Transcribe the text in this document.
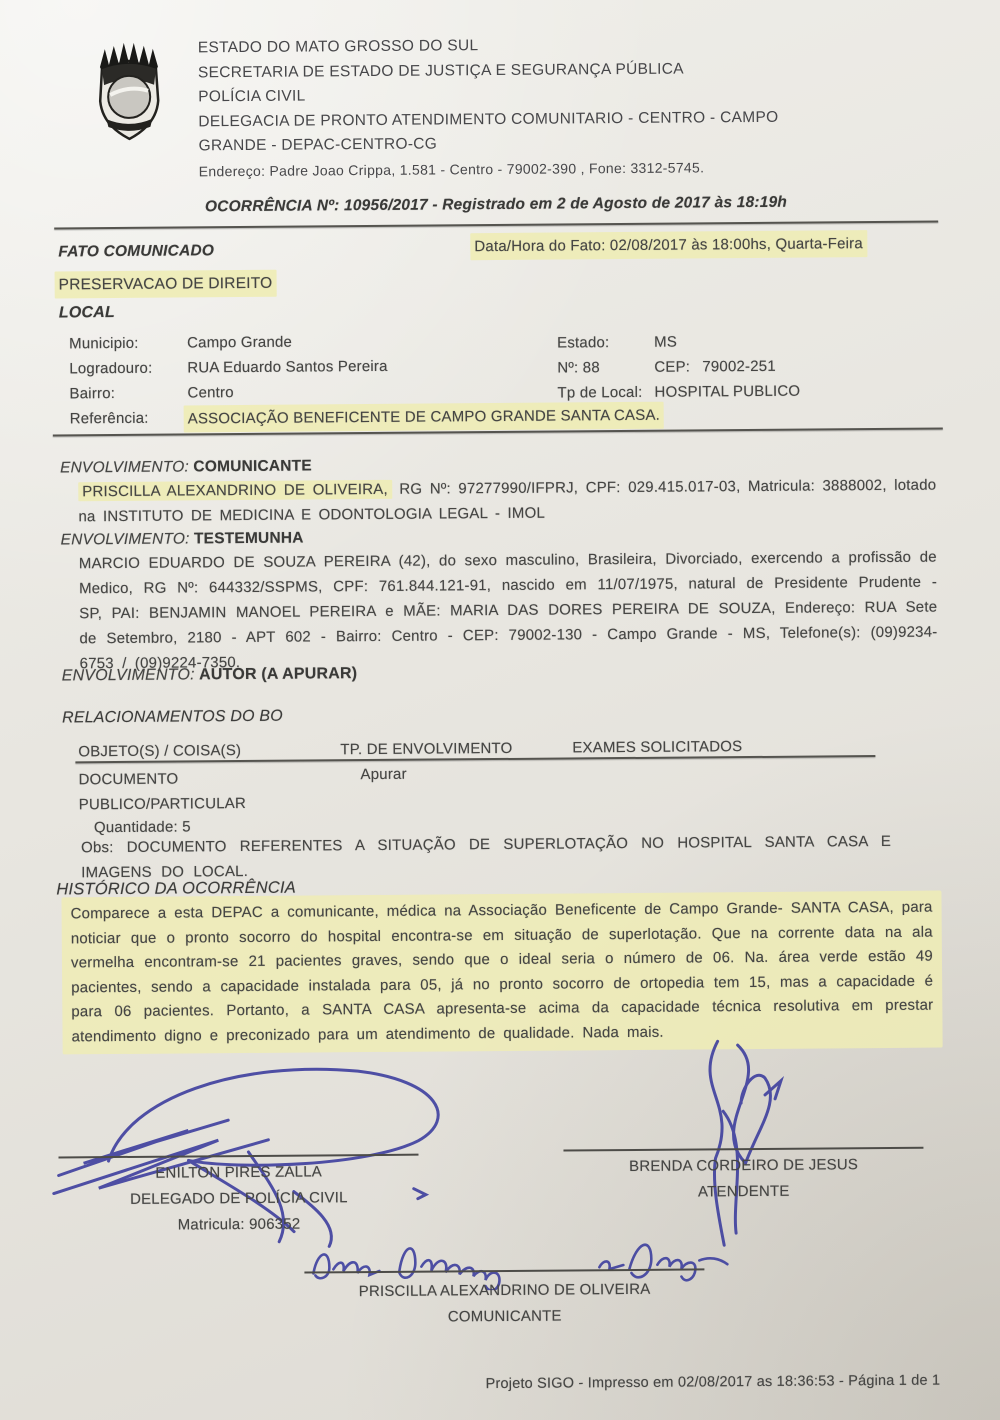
ESTADO DO MATO GROSSO DO SUL
SECRETARIA DE ESTADO DE JUSTIÇA E SEGURANÇA PÚBLICA
POLÍCIA CIVIL
DELEGACIA DE PRONTO ATENDIMENTO COMUNITARIO - CENTRO - CAMPO
GRANDE - DEPAC-CENTRO-CG
Endereço: Padre Joao Crippa, 1.581 - Centro - 79002-390 , Fone: 3312-5745.
OCORRÊNCIA Nº: 10956/2017 - Registrado em 2 de Agosto de 2017 às 18:19h
FATO COMUNICADO	Data/Hora do Fato: 02/08/2017 às 18:00hs, Quarta-Feira
PRESERVACAO DE DIREITO
LOCAL
Municipio:	Campo Grande	Estado:	MS
Logradouro: RUA Eduardo Santos Pereira	Nº: 88	CEP: 79002-251
Bairro:	Centro	Tp de Local: HOSPITAL PUBLICO
Referência:	ASSOCIAÇÃO BENEFICENTE DE CAMPO GRANDE SANTA CASA.
ENVOLVIMENTO: COMUNICANTE
PRISCILLA ALEXANDRINO DE OLIVEIRA, RG Nº: 97277990/IFPRJ, CPF: 029.415.017-03, Matricula: 3888002, lotado na INSTITUTO DE MEDICINA E ODONTOLOGIA LEGAL - IMOL
ENVOLVIMENTO: TESTEMUNHA
MARCIO EDUARDO DE SOUZA PEREIRA (42), do sexo masculino, Brasileira, Divorciado, exercendo a profissão de Medico, RG Nº: 644332/SSPMS, CPF: 761.844.121-91, nascido em 11/07/1975, natural de Presidente Prudente - SP, PAI: BENJAMIN MANOEL PEREIRA e MÃE: MARIA DAS DORES PEREIRA DE SOUZA, Endereço: RUA Sete de Setembro, 2180 - APT 602 - Bairro: Centro - CEP: 79002-130 - Campo Grande - MS, Telefone(s): (09)9234-6753 / (09)9224-7350.
ENVOLVIMENTO: AUTOR (A APURAR)
RELACIONAMENTOS DO BO
OBJETO(S) / COISA(S)	TP. DE ENVOLVIMENTO	EXAMES SOLICITADOS
DOCUMENTO	Apurar
PUBLICO/PARTICULAR
Quantidade: 5
Obs: DOCUMENTO REFERENTES A SITUAÇÃO DE SUPERLOTAÇÃO NO HOSPITAL SANTA CASA E IMAGENS DO LOCAL.
HISTÓRICO DA OCORRÊNCIA
Comparece a esta DEPAC a comunicante, médica na Associação Beneficente de Campo Grande- SANTA CASA, para noticiar que o pronto socorro do hospital encontra-se em situação de superlotação. Que na corrente data na ala vermelha encontram-se 21 pacientes graves, sendo que o ideal seria o número de 06. Na. área verde estão 49 pacientes, sendo a capacidade instalada para 05, já no pronto socorro de ortopedia tem 15, mas a capacidade é para 06 pacientes. Portanto, a SANTA CASA apresenta-se acima da capacidade técnica resolutiva em prestar atendimento digno e preconizado para um atendimento de qualidade. Nada mais.
ENILTON PIRES ZALLA
DELEGADO DE POLÍCIA CIVIL
Matricula: 906352
BRENDA CORDEIRO DE JESUS
ATENDENTE
PRISCILLA ALEXANDRINO DE OLIVEIRA
COMUNICANTE
Projeto SIGO - Impresso em 02/08/2017 as 18:36:53 - Página 1 de 1
